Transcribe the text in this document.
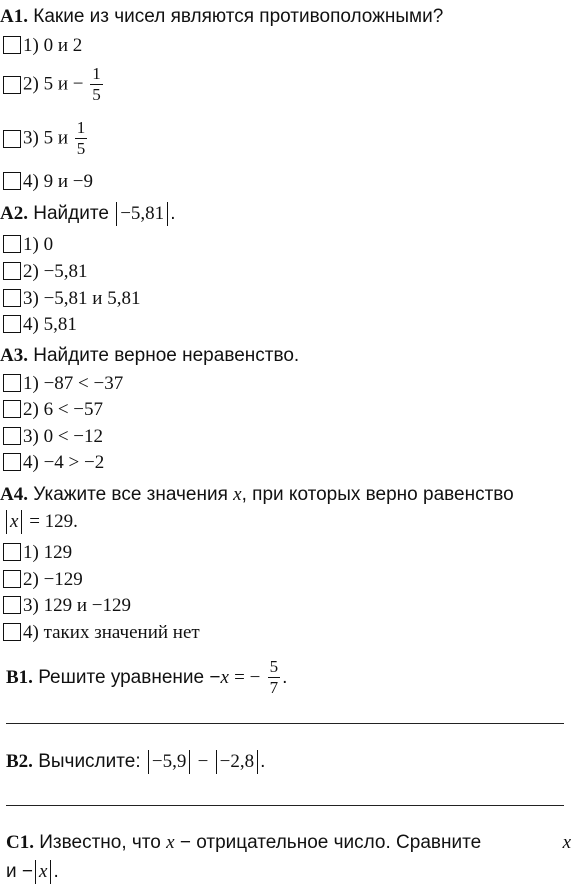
A1. Какие из чисел являются противоположными?
1) 0 и 2
2) 5 $и - \frac{1}{5}$
3) 5 и $\frac{1}{5}$
4) 9 и −9
A2. Найдите −5,81 .
1) 0
2) −5,81
3) −5,81 и 5,81
4) 5,81
A3. Найдите верное неравенство.
1) −87 < −37
2) 6 < −57
3) 0 < −12
4) −4 > −2
A4. Укажите все значения x, при которых верно равенство
x = 129.
1) 129
2) −129
3) 129 и −129
4) таких значений нет
B1. Решите уравнение −x = − $\frac{5}{7}$ .
B2. Вычислите: −5,9 − −2,8 .
C1. Известно, что x − отрицательное число. Сравните	x
и − x .
